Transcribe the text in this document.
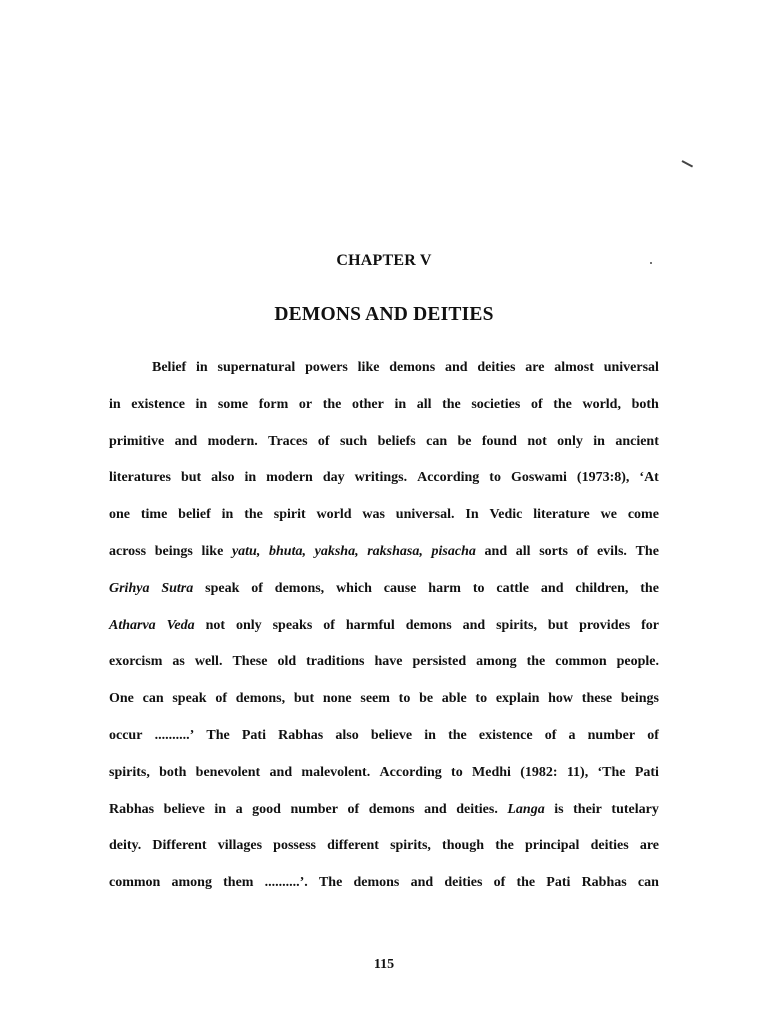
CHAPTER V
DEMONS AND DEITIES
Belief in supernatural powers like demons and deities are almost universal
in existence in some form or the other in all the societies of the world, both
primitive and modern. Traces of such beliefs can be found not only in ancient
literatures but also in modern day writings. According to Goswami (1973:8), ‘At
one time belief in the spirit world was universal. In Vedic literature we come
across beings like yatu, bhuta, yaksha, rakshasa, pisacha and all sorts of evils. The
Grihya Sutra speak of demons, which cause harm to cattle and children, the
Atharva Veda not only speaks of harmful demons and spirits, but provides for
exorcism as well. These old traditions have persisted among the common people.
One can speak of demons, but none seem to be able to explain how these beings
occur ..........’ The Pati Rabhas also believe in the existence of a number of
spirits, both benevolent and malevolent. According to Medhi (1982: 11), ‘The Pati
Rabhas believe in a good number of demons and deities. Langa is their tutelary
deity. Different villages possess different spirits, though the principal deities are
common among them ..........’. The demons and deities of the Pati Rabhas can
115
